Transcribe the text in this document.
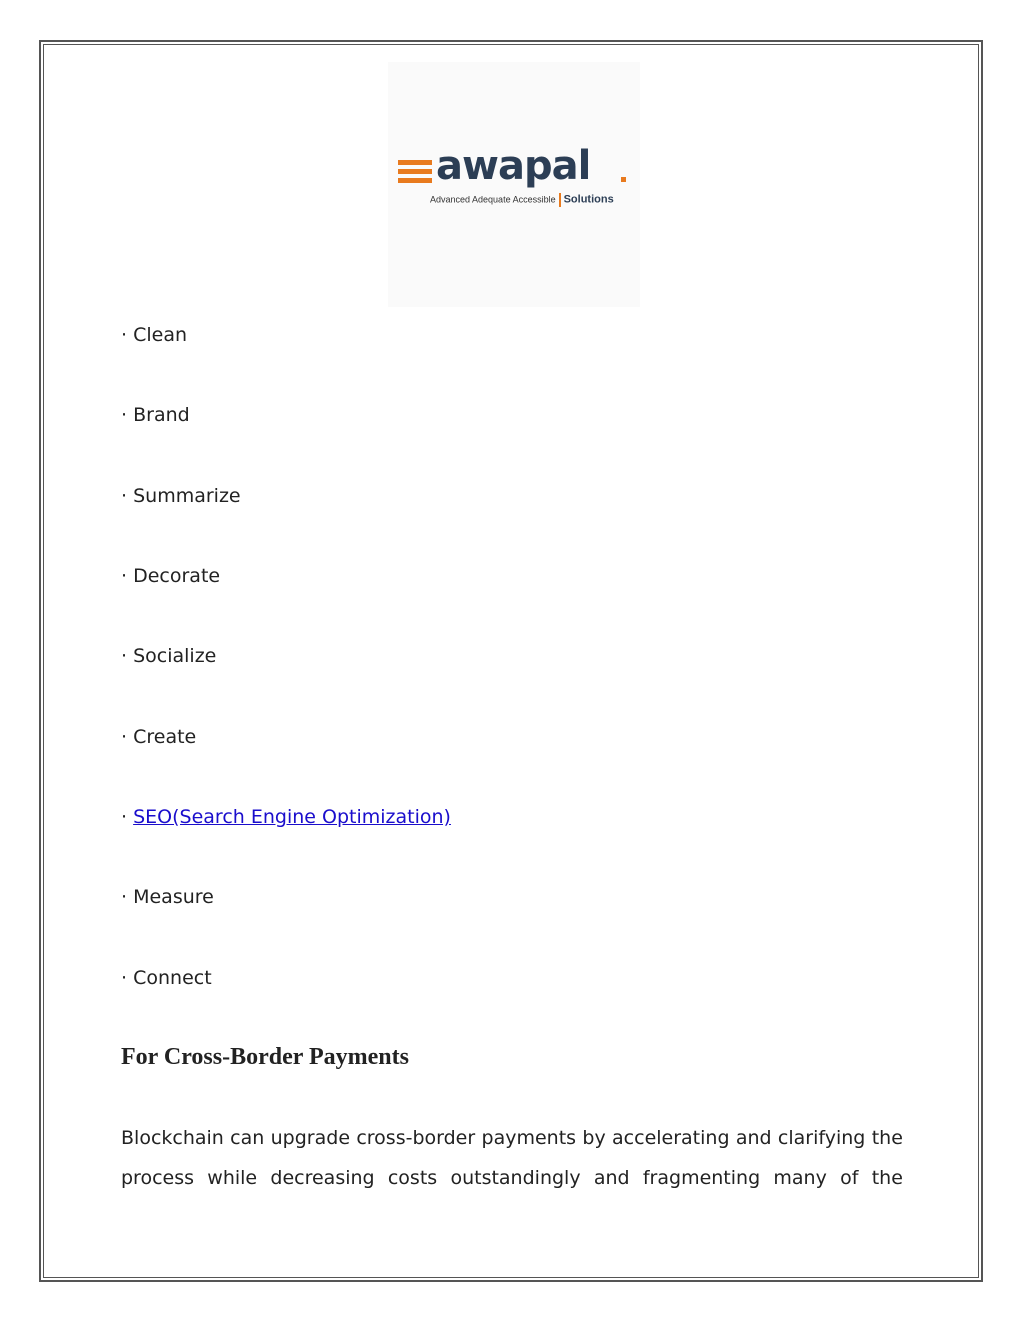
awapal
Advanced Adequate Accessible Solutions
· Clean
· Brand
· Summarize
· Decorate
· Socialize
· Create
· SEO(Search Engine Optimization)
· Measure
· Connect
For Cross-Border Payments
Blockchain can upgrade cross-border payments by accelerating and clarifying the
process while decreasing costs outstandingly and fragmenting many of the
